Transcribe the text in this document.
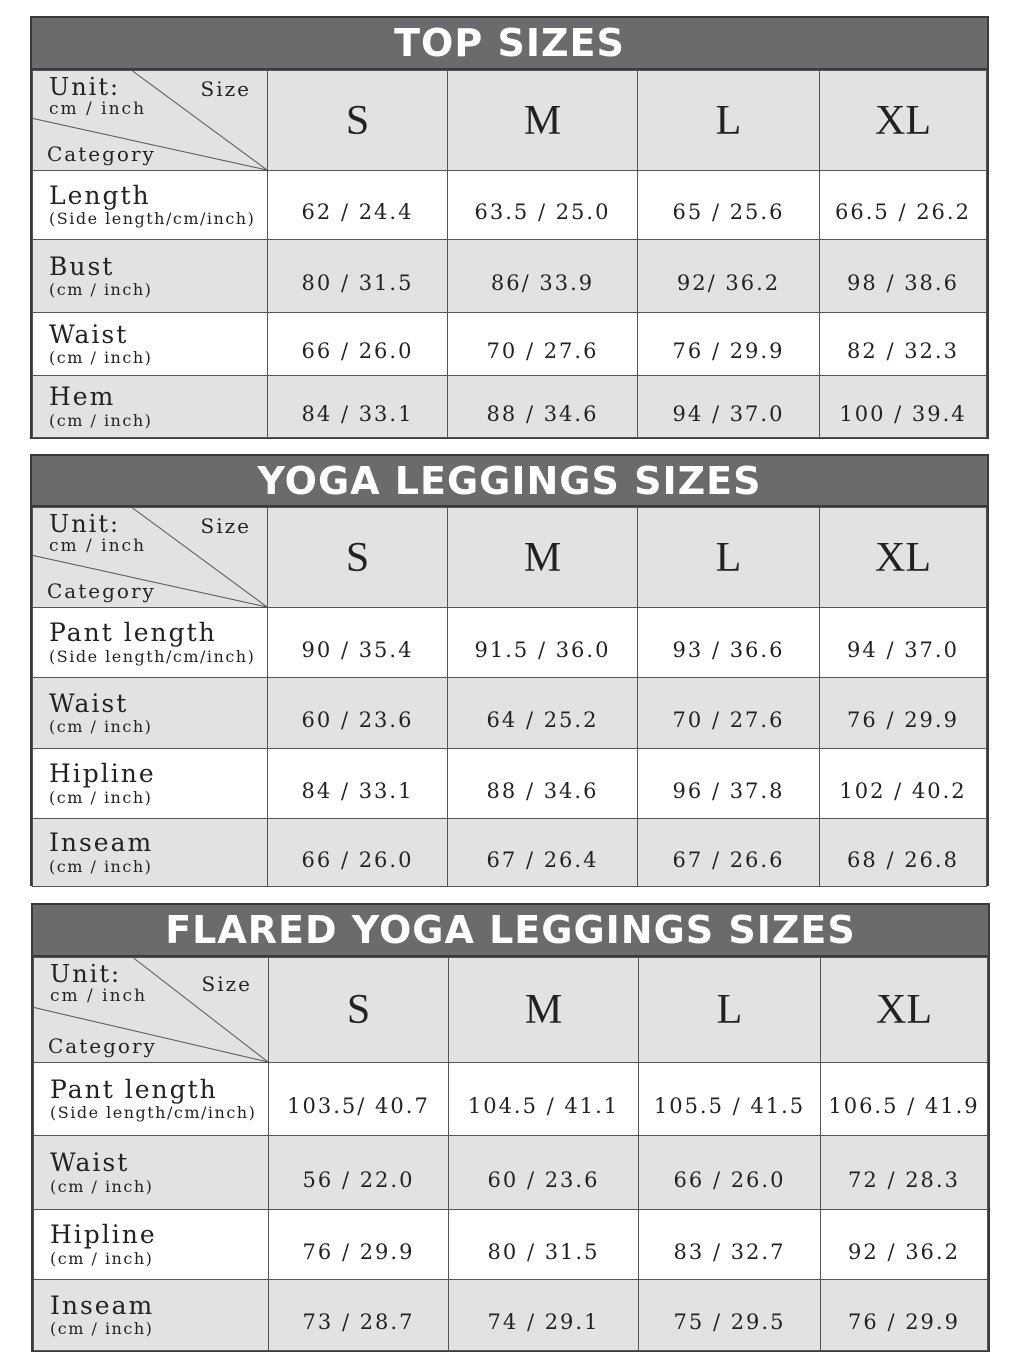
TOP SIZES
Unit:
cm / inch
Size
Category	S	M	L	XL

Length
(Side length/cm/inch)	62 / 24.4	63.5 / 25.0	65 / 25.6	66.5 / 26.2

Bust
(cm / inch)	80 / 31.5	86/ 33.9	92/ 36.2	98 / 38.6

Waist
(cm / inch)	66 / 26.0	70 / 27.6	76 / 29.9	82 / 32.3

Hem
(cm / inch)	84 / 33.1	88 / 34.6	94 / 37.0	100 / 39.4
YOGA LEGGINGS SIZES
Unit:
cm / inch
Size
Category	S	M	L	XL

Pant length
(Side length/cm/inch)	90 / 35.4	91.5 / 36.0	93 / 36.6	94 / 37.0

Waist
(cm / inch)	60 / 23.6	64 / 25.2	70 / 27.6	76 / 29.9

Hipline
(cm / inch)	84 / 33.1	88 / 34.6	96 / 37.8	102 / 40.2

Inseam
(cm / inch)	66 / 26.0	67 / 26.4	67 / 26.6	68 / 26.8
FLARED YOGA LEGGINGS SIZES
Unit:
cm / inch Size
Category	S	M	L	XL

Pant length
(Side length/cm/inch)	103.5/ 40.7	104.5 / 41.1	105.5 / 41.5	106.5 / 41.9

Waist
(cm / inch)	56 / 22.0	60 / 23.6	66 / 26.0	72 / 28.3

Hipline
(cm / inch)	76 / 29.9	80 / 31.5	83 / 32.7	92 / 36.2

Inseam
(cm / inch)	73 / 28.7	74 / 29.1	75 / 29.5	76 / 29.9
